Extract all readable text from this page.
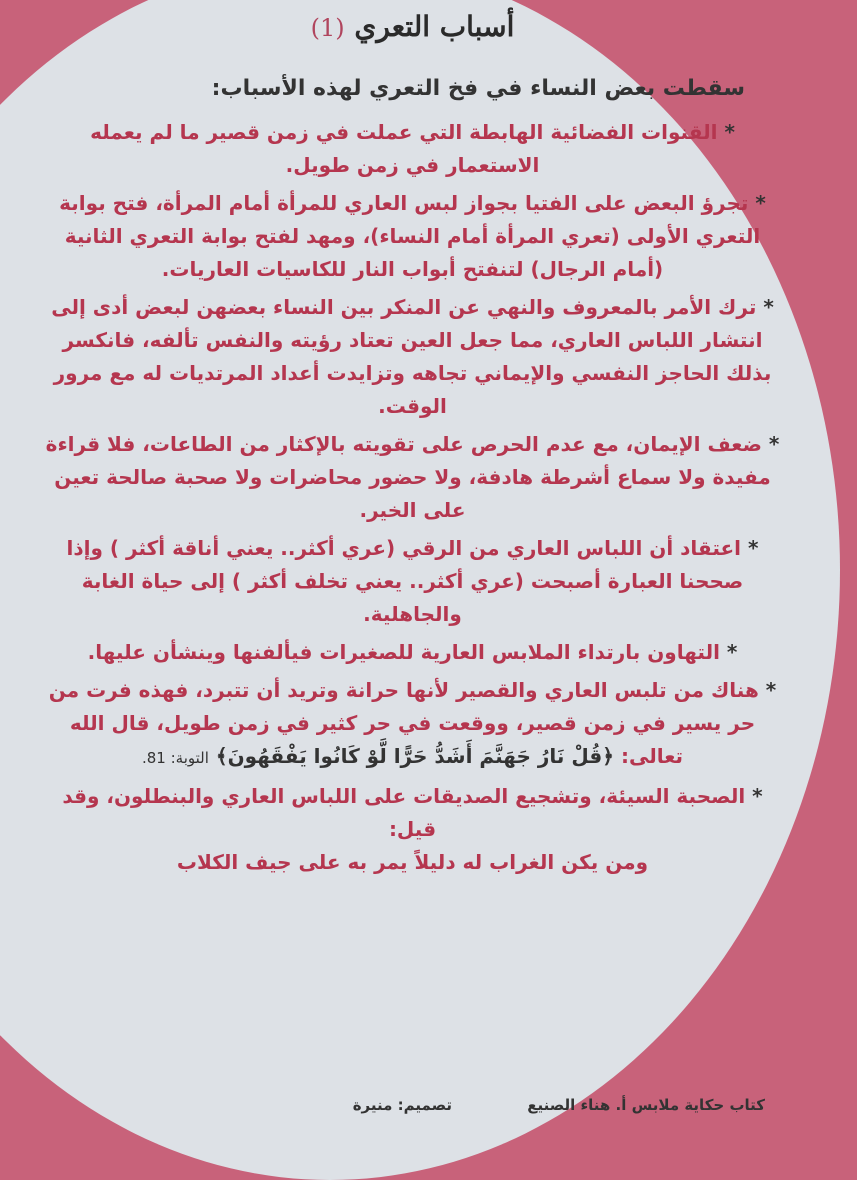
أسباب التعري (1)
سقطت بعض النساء في فخ التعري لهذه الأسباب:
* القنوات الفضائية الهابطة التي عملت في زمن قصير ما لم يعمله الاستعمار في زمن طويل.
* تجرؤ البعض على الفتيا بجواز لبس العاري للمرأة أمام المرأة، فتح بوابة التعري الأولى (تعري المرأة أمام النساء)، ومهد لفتح بوابة التعري الثانية (أمام الرجال) لتنفتح أبواب النار للكاسيات العاريات.
* ترك الأمر بالمعروف والنهي عن المنكر بين النساء بعضهن لبعض أدى إلى انتشار اللباس العاري، مما جعل العين تعتاد رؤيته والنفس تألفه، فانكسر بذلك الحاجز النفسي والإيماني تجاهه وتزايدت أعداد المرتديات له مع مرور الوقت.
* ضعف الإيمان، مع عدم الحرص على تقويته بالإكثار من الطاعات، فلا قراءة مفيدة ولا سماع أشرطة هادفة، ولا حضور محاضرات ولا صحبة صالحة تعين على الخير.
* اعتقاد أن اللباس العاري من الرقي (عري أكثر.. يعني أناقة أكثر ) وإذا صححنا العبارة أصبحت (عري أكثر.. يعني تخلف أكثر ) إلى حياة الغابة والجاهلية.
* التهاون بارتداء الملابس العارية للصغيرات فيألفنها وينشأن عليها.
* هناك من تلبس العاري والقصير لأنها حرانة وتريد أن تتبرد، فهذه فرت من حر يسير في زمن قصير، ووقعت في حر كثير في زمن طويل، قال الله تعالى: ﴿قُلْ نَارُ جَهَنَّمَ أَشَدُّ حَرًّا لَّوْ كَانُوا يَفْقَهُونَ﴾ التوبة: 81.
* الصحبة السيئة، وتشجيع الصديقات على اللباس العاري والبنطلون، وقد قيل:
ومن يكن الغراب له دليلاً يمر به على جيف الكلاب
كتاب حكاية ملابس أ. هناء الصنيع تصميم: منيرة
